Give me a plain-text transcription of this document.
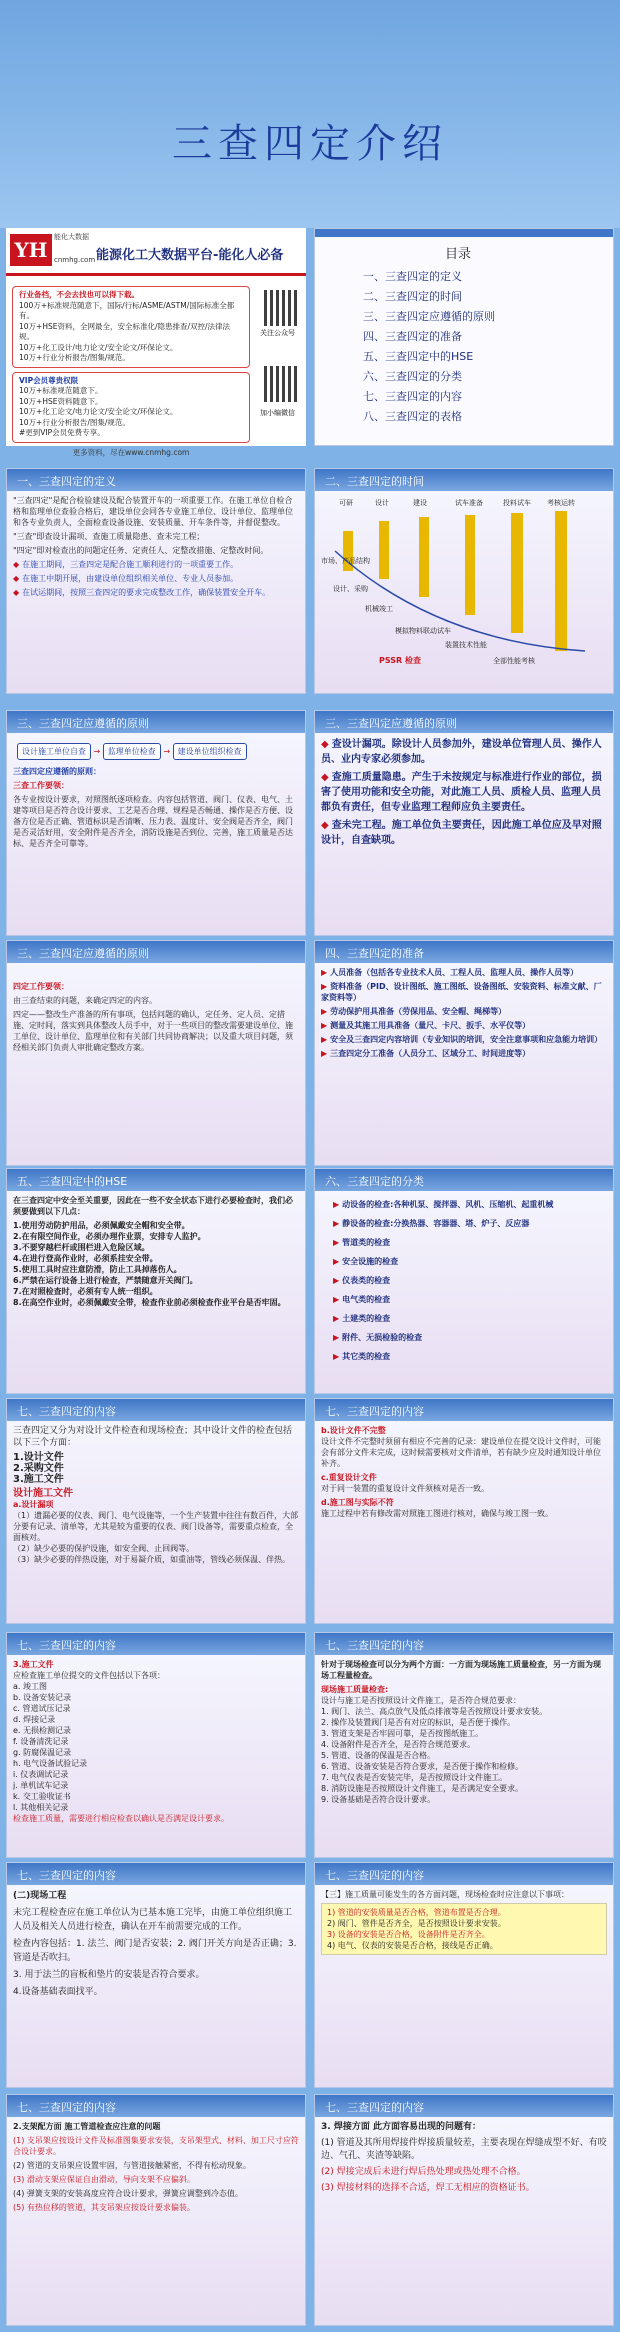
三查四定介绍
YH
能化大数据
cnmhg.com 能源化工大数据平台-能化人必备
行业备档，不会去找也可以得下载。
100万+标准规范随意下，国际/行标/ASME/ASTM/国际标准全都有。
10万+HSE资料，全网最全，安全标准化/隐患排查/双控/法律法规。
10万+化工设计/电力论文/安全论文/环保论文。
10万+行业分析报告/图集/规范。
VIP会员尊贵权限
10万+标准规范随意下。
10万+HSE资料随意下。
10万+化工论文/电力论文/安全论文/环保论文。
10万+行业分析报告/图集/规范。
#更到VIP会员免费专享。
更多资料，尽在www.cnmhg.com
关注公众号
加小编微信
目录
一、三查四定的定义
二、三查四定的时间
三、三查四定应遵循的原则
四、三查四定的准备
五、三查四定中的HSE
六、三查四定的分类
七、三查四定的内容
八、三查四定的表格
一、三查四定的定义
"三查四定"是配合检验建设及配合装置开车的一项重要工作。在施工单位自检合格和监理单位查验合格后，建设单位会同各专业施工单位、设计单位、监理单位和各专业负责人，全面检查设备设施、安装质量、开车条件等，并督促整改。
"三查"即查设计漏项、查施工质量隐患、查未完工程；
"四定"即对检查出的问题定任务、定责任人、定整改措施、定整改时间。
◆ 在施工期间，三查四定是配合施工顺利进行的一项重要工作。
◆ 在施工中期开展，由建设单位组织相关单位、专业人员参加。
◆ 在试运期间，按照三查四定的要求完成整改工作，确保装置安全开车。
二、三查四定的时间
可研	设计	建设	试车准备	投料试车 考核运转
市场、产品结构
设计、采购
机械竣工
模拟物料联动试车
装置技术性能
全部性能考核
PSSR 检查
三、三查四定应遵循的原则
设计施工单位自查 → 监理单位检查 → 建设单位组织检查
三查四定应遵循的原则：
三查工作要领：
各专业按设计要求，对照图纸逐项检查。内容包括管道、阀门、仪表、电气、土建等项目是否符合设计要求、工艺是否合理、规程是否畅通、操作是否方便、设备方位是否正确、管道标识是否清晰、压力表、温度计、安全阀是否齐全，阀门是否灵活好用，安全附件是否齐全，消防设施是否到位、完善，施工质量是否达标、是否齐全可靠等。
三、三查四定应遵循的原则
◆ 查设计漏项。除设计人员参加外，建设单位管理人员、操作人员、业内专家必须参加。
◆ 查施工质量隐患。产生于未按规定与标准进行作业的部位，损害了使用功能和安全功能，对此施工人员、质检人员、监理人员都负有责任，但专业监理工程师应负主要责任。
◆ 查未完工程。施工单位负主要责任，因此施工单位应及早对照设计，自查缺项。
三、三查四定应遵循的原则
四定工作要领：
由三查结束的问题，来确定四定的内容。
四定——整改生产准备的所有事项，包括问题的确认，定任务、定人员、定措施、定时间，落实到具体整改人员手中，对于一些项目的整改需要建设单位、施工单位、设计单位、监理单位和有关部门共同协商解决；以及重大项目问题，须经相关部门负责人审批确定整改方案。
四、三查四定的准备
▶ 人员准备（包括各专业技术人员、工程人员、监理人员、操作人员等）
▶ 资料准备（PID、设计图纸、施工图纸、设备图纸、安装资料、标准文献、厂家资料等）
▶ 劳动保护用具准备（劳保用品、安全帽、绳梯等）
▶ 测量及其施工用具准备（量尺、卡尺、扳手、水平仪等）
▶ 安全及三查四定内容培训（专业知识的培训，安全注意事项和应急能力培训）
▶ 三查四定分工准备（人员分工、区域分工、时间进度等）
五、三查四定中的HSE
在三查四定中安全至关重要，因此在一些不安全状态下进行必要检查时，我们必须要做到以下几点：
1.使用劳动防护用品，必须佩戴安全帽和安全带。
2.在有限空间作业，必须办理作业票，安排专人监护。
3.不要穿越栏杆或围栏进入危险区域。
4.在进行登高作业时，必须系挂安全带。
5.使用工具时应注意防滑，防止工具掉落伤人。
6.严禁在运行设备上进行检查，严禁随意开关阀门。
7.在对照检查时，必须有专人统一组织。
8.在高空作业时，必须佩戴安全带，检查作业前必须检查作业平台是否牢固。
六、三查四定的分类
▶ 动设备的检查:各种机泵、搅拌器、风机、压缩机、起重机械
▶ 静设备的检查:分换热器、容器器、塔、炉子、反应器
▶ 管道类的检查
▶ 安全设施的检查
▶ 仪表类的检查
▶ 电气类的检查
▶ 土建类的检查
▶ 附件、无损检验的检查
▶ 其它类的检查
七、三查四定的内容
三查四定又分为对设计文件检查和现场检查；其中设计文件的检查包括以下三个方面：
1.设计文件
2.采购文件
3.施工文件
设计施工文件
a.设计漏项
（1）遗漏必要的仪表、阀门、电气设施等，一个生产装置中往往有数百件，大部分要有记录、清单等，尤其是较为重要的仪表、阀门设备等，需要重点检查，全面核对。
（2）缺少必要的保护设施，如安全阀、止回阀等。
（3）缺少必要的伴热设施，对于易凝介质，如重油等，管线必须保温、伴热。
七、三查四定的内容
b.设计文件不完整
设计文件不完整时须留有相应不完善的记录：建设单位在提交设计文件时，可能会有部分文件未完成，这时候需要核对文件清单，若有缺少应及时通知设计单位补齐。
c.重复设计文件
对于同一装置的重复设计文件须核对是否一致。
d.施工图与实际不符
施工过程中若有修改需对照施工图进行核对，确保与竣工图一致。
七、三查四定的内容
3.施工文件
应检查施工单位提交的文件包括以下各项：
a. 竣工图
b. 设备安装记录
c. 管道试压记录
d. 焊接记录
e. 无损检测记录
f. 设备清洗记录
g. 防腐保温记录
h. 电气设备试验记录
i. 仪表调试记录
j. 单机试车记录
k. 交工验收证书
l. 其他相关记录
检查施工质量，需要进行相应检查以确认是否满足设计要求。
七、三查四定的内容
针对于现场检查可以分为两个方面：一方面为现场施工质量检查，另一方面为现场工程量检查。
现场施工质量检查:
设计与施工是否按照设计文件施工，是否符合规范要求：
1. 阀门、法兰、高点放气及低点排液等是否按照设计要求安装。
2. 操作及装置阀门是否有对应的标识，是否便于操作。
3. 管道支架是否牢固可靠，是否按图纸施工。
4. 设备附件是否齐全，是否符合规范要求。
5. 管道、设备的保温是否合格。
6. 管道、设备安装是否符合要求，是否便于操作和检修。
7. 电气仪表是否安装完毕，是否按照设计文件施工。
8. 消防设施是否按照设计文件施工，是否满足安全要求。
9. 设备基础是否符合设计要求。
七、三查四定的内容
(二)现场工程
未完工程检查应在施工单位认为已基本施工完毕，由施工单位组织施工人员及相关人员进行检查，确认在开车前需要完成的工作。
检查内容包括：1. 法兰、阀门是否安装；2. 阀门开关方向是否正确；3. 管道是否吹扫。
3. 用于法兰的盲板和垫片的安装是否符合要求。
4.设备基础表面找平。
七、三查四定的内容
【三】施工质量可能发生的各方面问题，现场检查时应注意以下事项：
1) 管道的安装质量是否合格，管道布置是否合理。
2) 阀门、管件是否齐全，是否按照设计要求安装。
3) 设备的安装是否合格，设备附件是否齐全。
4) 电气、仪表的安装是否合格，接线是否正确。
七、三查四定的内容
2.支架配方面 施工管道检查应注意的问题
(1) 支吊架应按设计文件及标准图集要求安装，支吊架型式、材料、加工尺寸应符合设计要求。
(2) 管道的支吊架应设置牢固，与管道接触紧密，不得有松动现象。
(3) 滑动支架应保证自由滑动，导向支架不应偏斜。
(4) 弹簧支架的安装高度应符合设计要求，弹簧应调整到冷态值。
(5) 有热位移的管道，其支吊架应按设计要求偏装。
七、三查四定的内容
3. 焊接方面 此方面容易出现的问题有：
(1) 管道及其所用焊接件焊接质量较差，主要表现在焊缝成型不好、有咬边、气孔、夹渣等缺陷。
(2) 焊接完成后未进行焊后热处理或热处理不合格。
(3) 焊接材料的选择不合适，焊工无相应的资格证书。
